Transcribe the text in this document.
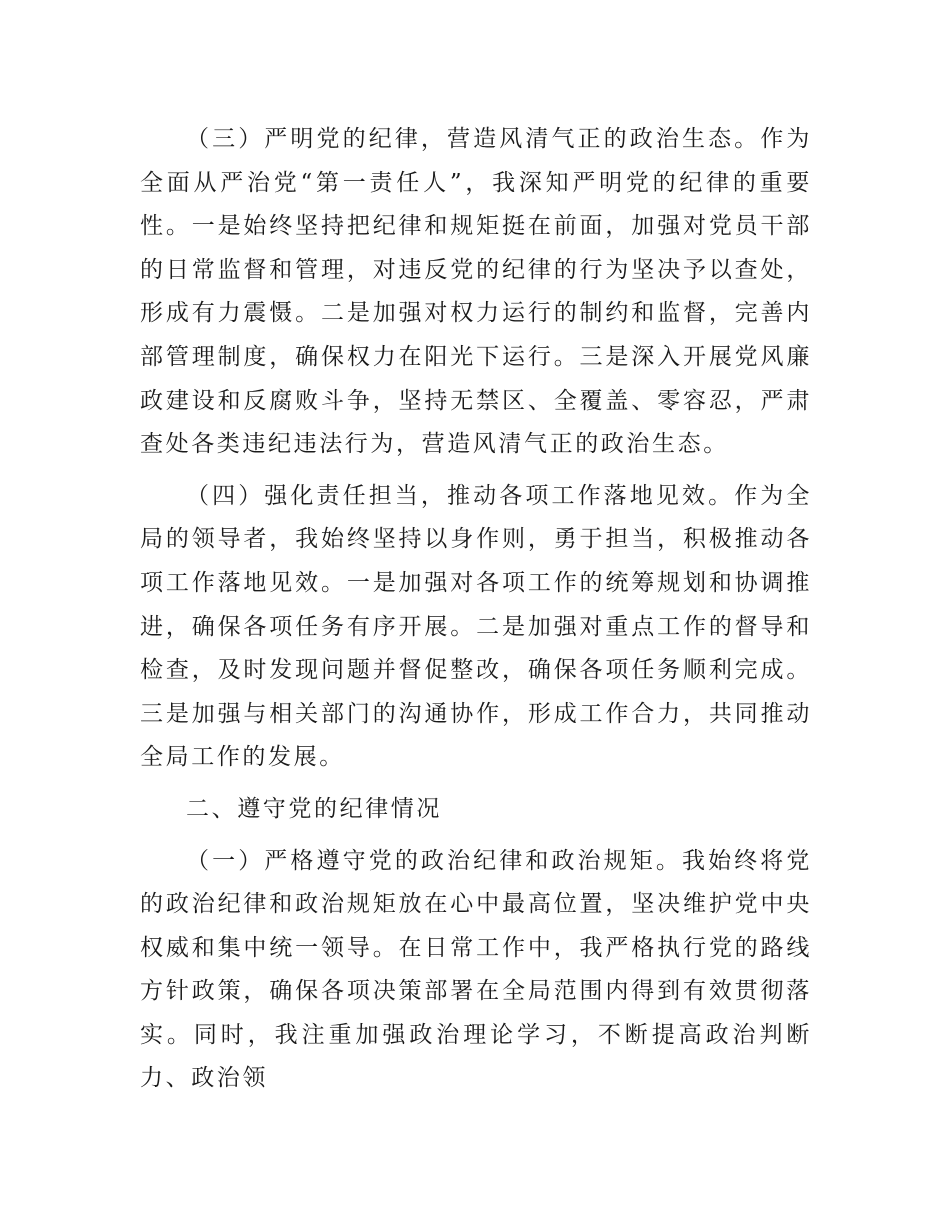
（三）严明党的纪律，营造风清气正的政治生态。作为全面从严治党“第一责任人”，我深知严明党的纪律的重要性。一是始终坚持把纪律和规矩挺在前面，加强对党员干部的日常监督和管理，对违反党的纪律的行为坚决予以查处，形成有力震慑。二是加强对权力运行的制约和监督，完善内部管理制度，确保权力在阳光下运行。三是深入开展党风廉政建设和反腐败斗争，坚持无禁区、全覆盖、零容忍，严肃查处各类违纪违法行为，营造风清气正的政治生态。

（四）强化责任担当，推动各项工作落地见效。作为全局的领导者，我始终坚持以身作则，勇于担当，积极推动各项工作落地见效。一是加强对各项工作的统筹规划和协调推进，确保各项任务有序开展。二是加强对重点工作的督导和检查，及时发现问题并督促整改，确保各项任务顺利完成。三是加强与相关部门的沟通协作，形成工作合力，共同推动全局工作的发展。

二、遵守党的纪律情况

（一）严格遵守党的政治纪律和政治规矩。我始终将党的政治纪律和政治规矩放在心中最高位置，坚决维护党中央权威和集中统一领导。在日常工作中，我严格执行党的路线方针政策，确保各项决策部署在全局范围内得到有效贯彻落实。同时，我注重加强政治理论学习，不断提高政治判断力、政治领
